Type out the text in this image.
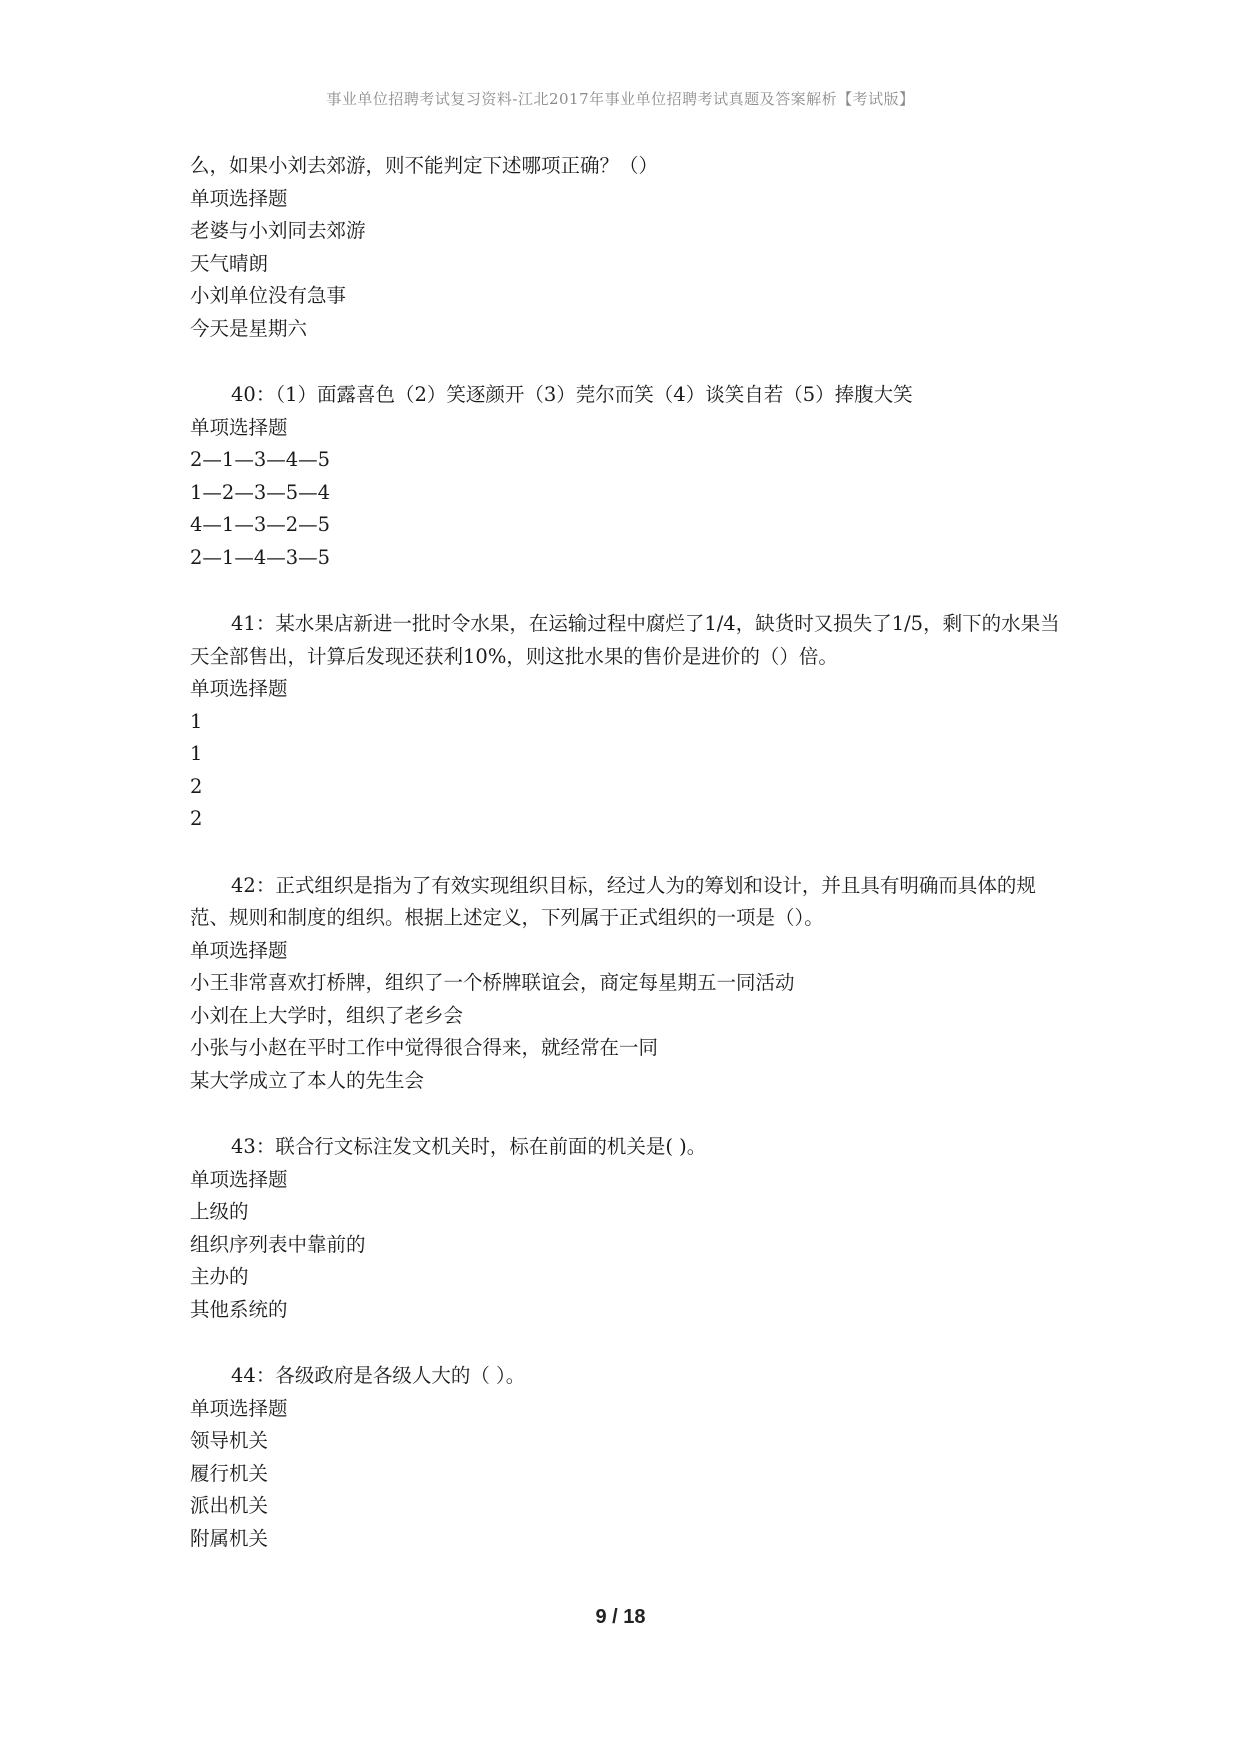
事业单位招聘考试复习资料-江北2017年事业单位招聘考试真题及答案解析【考试版】
么，如果小刘去郊游，则不能判定下述哪项正确？（）
单项选择题
老婆与小刘同去郊游
天气晴朗
小刘单位没有急事
今天是星期六
40：（1）面露喜色（2）笑逐颜开（3）莞尔而笑（4）谈笑自若（5）捧腹大笑
单项选择题
2—1—3—4—5
1—2—3—5—4
4—1—3—2—5
2—1—4—3—5
41：某水果店新进一批时令水果，在运输过程中腐烂了1/4，缺货时又损失了1/5，剩下的水果当天全部售出，计算后发现还获利10%，则这批水果的售价是进价的（）倍。
单项选择题
1
1
2
2
42：正式组织是指为了有效实现组织目标，经过人为的筹划和设计，并且具有明确而具体的规范、规则和制度的组织。根据上述定义，下列属于正式组织的一项是（）。
单项选择题
小王非常喜欢打桥牌，组织了一个桥牌联谊会，商定每星期五一同活动
小刘在上大学时，组织了老乡会
小张与小赵在平时工作中觉得很合得来，就经常在一同
某大学成立了本人的先生会
43：联合行文标注发文机关时，标在前面的机关是( )。
单项选择题
上级的
组织序列表中靠前的
主办的
其他系统的
44：各级政府是各级人大的（ ）。
单项选择题
领导机关
履行机关
派出机关
附属机关
9 / 18
